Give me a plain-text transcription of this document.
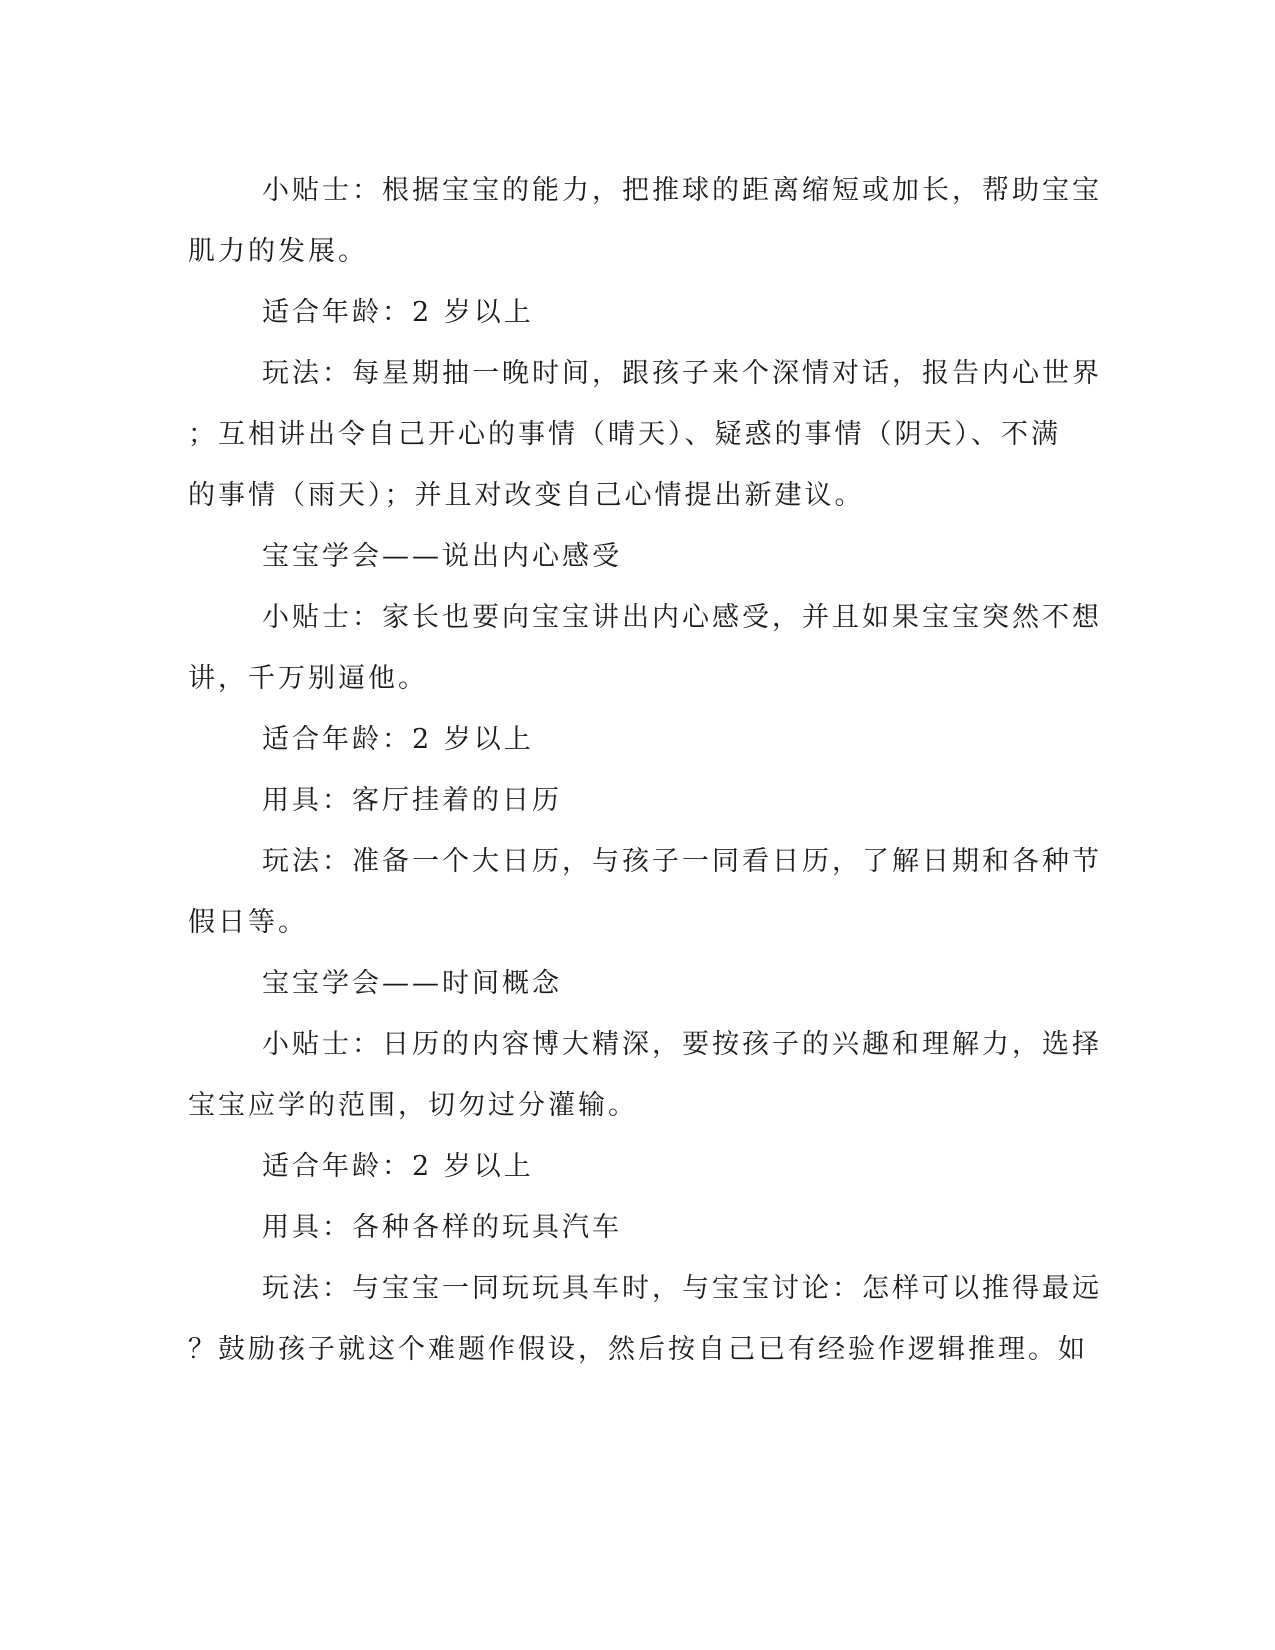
小贴士：根据宝宝的能力，把推球的距离缩短或加长，帮助宝宝
肌力的发展。
适合年龄：2 岁以上
玩法：每星期抽一晚时间，跟孩子来个深情对话，报告内心世界
；互相讲出令自己开心的事情（晴天）、疑惑的事情（阴天）、不满
的事情（雨天）；并且对改变自己心情提出新建议。
宝宝学会——说出内心感受
小贴士：家长也要向宝宝讲出内心感受，并且如果宝宝突然不想
讲，千万别逼他。
适合年龄：2 岁以上
用具：客厅挂着的日历
玩法：准备一个大日历，与孩子一同看日历，了解日期和各种节
假日等。
宝宝学会——时间概念
小贴士：日历的内容博大精深，要按孩子的兴趣和理解力，选择
宝宝应学的范围，切勿过分灌输。
适合年龄：2 岁以上
用具：各种各样的玩具汽车
玩法：与宝宝一同玩玩具车时，与宝宝讨论：怎样可以推得最远
？鼓励孩子就这个难题作假设，然后按自己已有经验作逻辑推理。如
